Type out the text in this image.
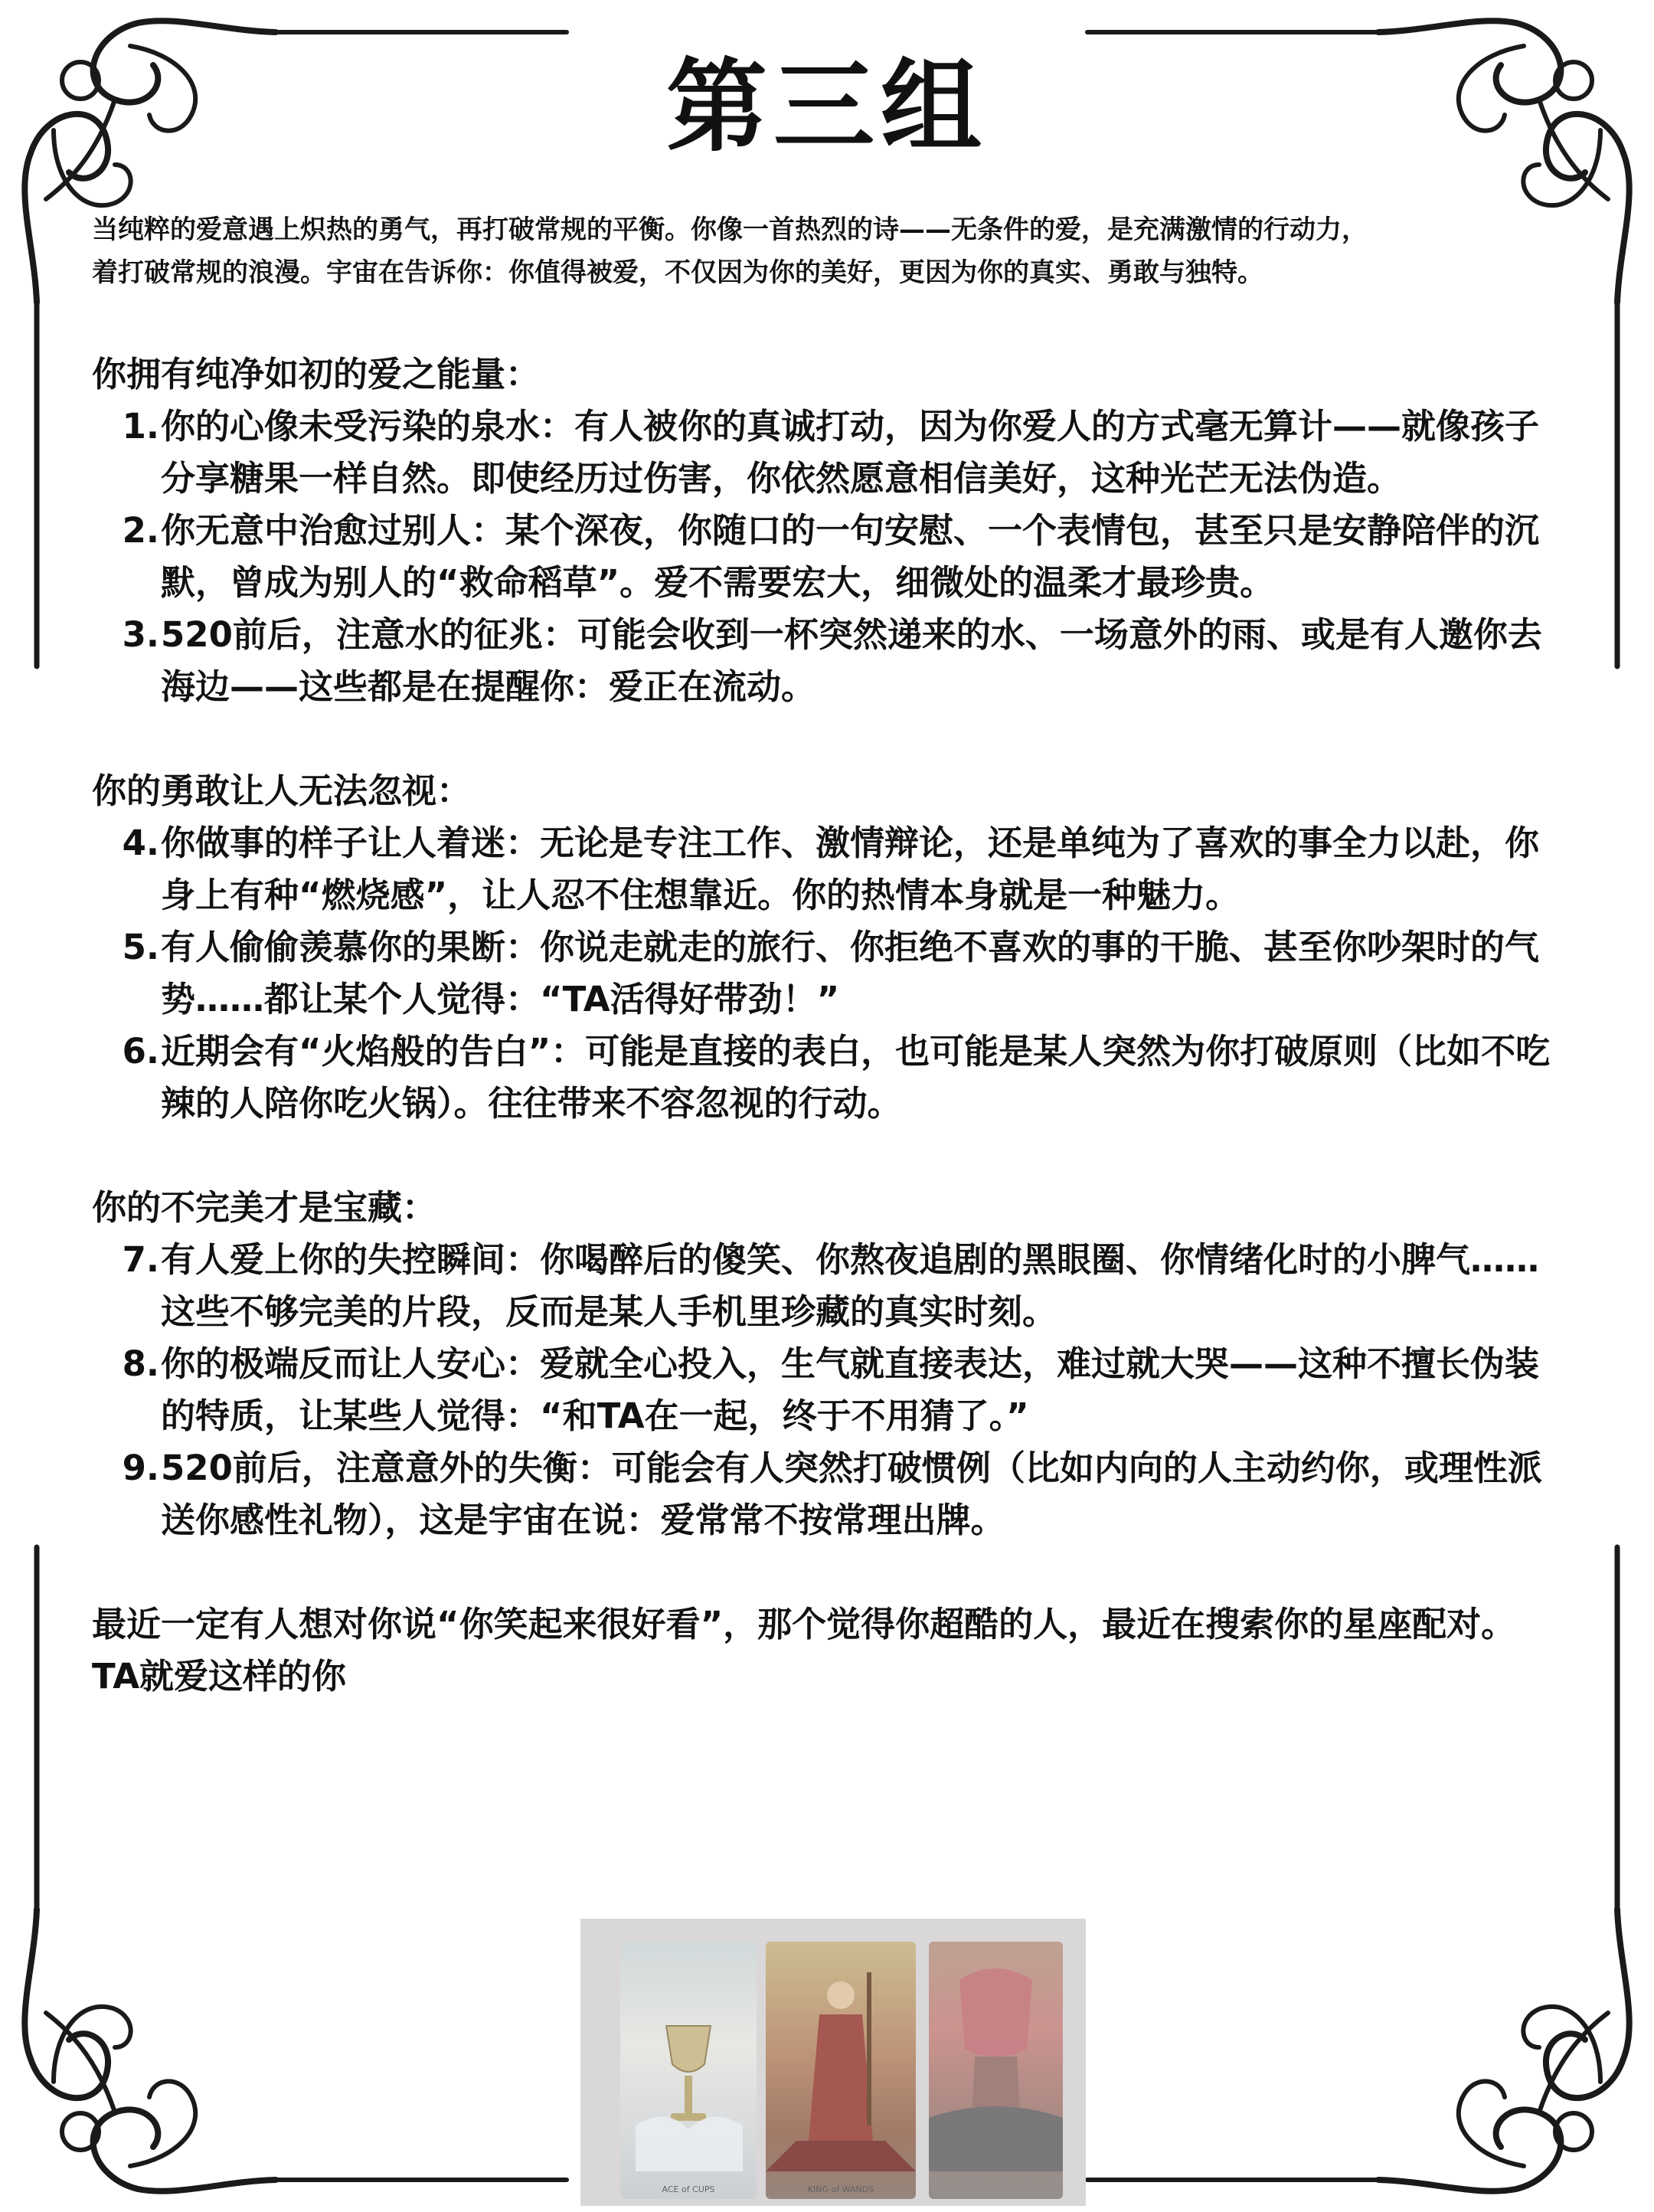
第三组

当纯粹的爱意遇上炽热的勇气，再打破常规的平衡。你像一首热烈的诗——无条件的爱，是充满激情的行动力，

着打破常规的浪漫。宇宙在告诉你：你值得被爱，不仅因为你的美好，更因为你的真实、勇敢与独特。

你拥有纯净如初的爱之能量：

1. 你的心像未受污染的泉水：有人被你的真诚打动，因为你爱人的方式毫无算计——就像孩子分享糖果一样自然。即使经历过伤害，你依然愿意相信美好，这种光芒无法伪造。
2. 你无意中治愈过别人：某个深夜，你随口的一句安慰、一个表情包，甚至只是安静陪伴的沉默，曾成为别人的“救命稻草”。爱不需要宏大，细微处的温柔才最珍贵。
3. 520前后，注意水的征兆：可能会收到一杯突然递来的水、一场意外的雨、或是有人邀你去海边——这些都是在提醒你：爱正在流动。

你的勇敢让人无法忽视：

4. 你做事的样子让人着迷：无论是专注工作、激情辩论，还是单纯为了喜欢的事全力以赴，你身上有种“燃烧感”，让人忍不住想靠近。你的热情本身就是一种魅力。
5. 有人偷偷羡慕你的果断：你说走就走的旅行、你拒绝不喜欢的事的干脆、甚至你吵架时的气势……都让某个人觉得：“TA活得好带劲！”
6. 近期会有“火焰般的告白”：可能是直接的表白，也可能是某人突然为你打破原则（比如不吃辣的人陪你吃火锅）。往往带来不容忽视的行动。

你的不完美才是宝藏：

7. 有人爱上你的失控瞬间：你喝醉后的傻笑、你熬夜追剧的黑眼圈、你情绪化时的小脾气……这些不够完美的片段，反而是某人手机里珍藏的真实时刻。
8. 你的极端反而让人安心：爱就全心投入，生气就直接表达，难过就大哭——这种不擅长伪装的特质，让某些人觉得：“和TA在一起，终于不用猜了。”
9. 520前后，注意意外的失衡：可能会有人突然打破惯例（比如内向的人主动约你，或理性派送你感性礼物），这是宇宙在说：爱常常不按常理出牌。

最近一定有人想对你说“你笑起来很好看”，那个觉得你超酷的人，最近在搜索你的星座配对。TA就爱这样的你

ACE of CUPS	KING of WANDS
